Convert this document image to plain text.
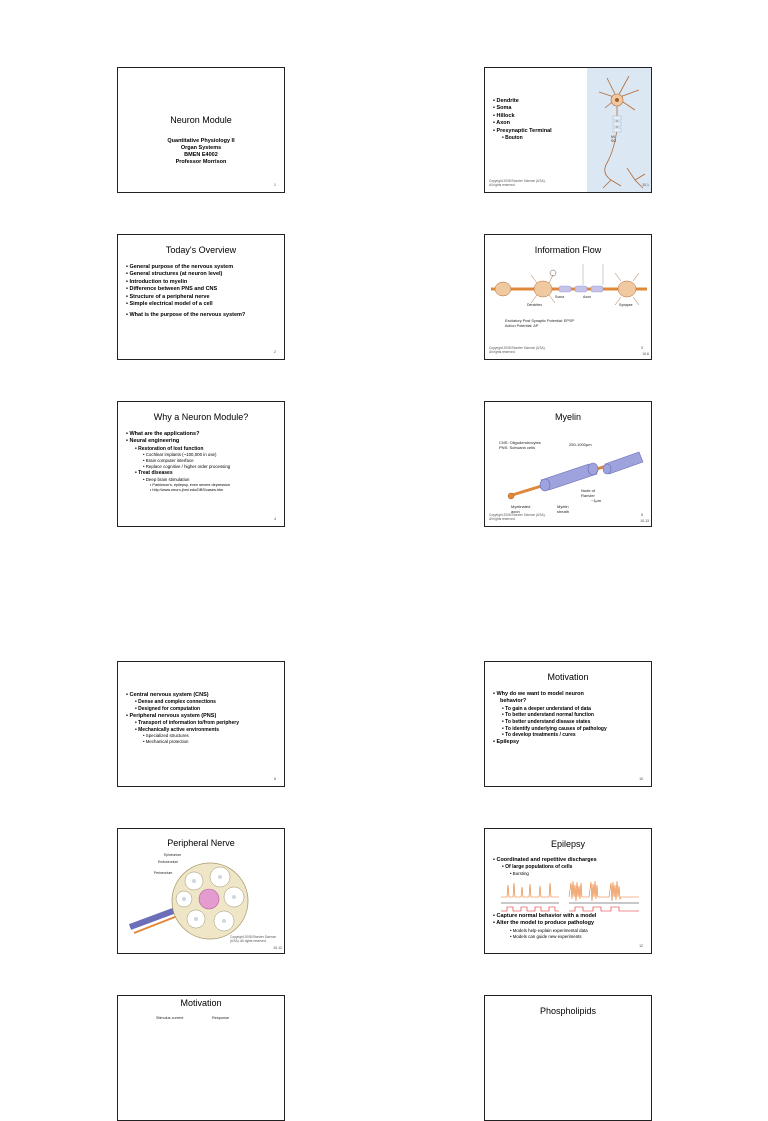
Neuron Module
Quantitative Physiology II
Organ Systems
BMEN E4002
Professor Morrison
1
• Dendrite
• Soma
• Hillock
• Axon
• Presynaptic Terminal
• Bouton	MI
SO
Copyright 2008 Elsevier Science (USA).
All rights reserved.	10.1
Today's Overview
• General purpose of the nervous system
• General structures (at neuron level)
• Introduction to myelin
• Difference between PNS and CNS
• Structure of a peripheral nerve
• Simple electrical model of a cell
• What is the purpose of the nervous system?
2
Information Flow
Dendrites
Soma	Axon
Synapse
Excitatory Post Synaptic Potential: EPSP
Action Potential: AP
Copyright 2008 Elsevier Science (USA).
All rights reserved.
3
10.6
Why a Neuron Module?
• What are the applications?
• Neural engineering
• Restoration of lost function
• Cochlear implants (~100,000 in use)
• Brain computer interface
• Replace cognitive / higher order processing
• Treat diseases
• Deep brain stimulation
▪ Parkinson's, epilepsy, even severe depression
▪ http://www.neuro.jhmi.edu/DBS/cases.htm
4
Myelin
CNS: Oligodendrocytes
PNS: Schwann cells
250-1000μm
Node of
Ranvier
~1μm
Myelinated
axon
Myelin
sheath
Copyright 2008 Elsevier Science (USA).
All rights reserved.
5
10.13
• Central nervous system (CNS)
• Dense and complex connections
• Designed for computation
• Peripheral nervous system (PNS)
• Transport of information to/from periphery
• Mechanically active environments
• Specialized structures
• Mechanical protection
6
Motivation
• Why do we want to model neuron
behavior?
• To gain a deeper understand of data
• To better understand normal function
• To better understand disease states
• To identify underlying causes of pathology
• To develop treatments / cures
• Epilepsy
10
Peripheral Nerve
Epineurium
Endoneurium
Perineurium
Copyright 2008 Elsevier Science (USA). All rights reserved.
10.12
Epilepsy
• Coordinated and repetitive discharges
• Of large populations of cells
• Bursting
• Capture normal behavior with a model
• Alter the model to produce pathology
• Models help explain experimental data
• Models can guide new experiments
12
Motivation
Stimulus current	Response
Phospholipids
